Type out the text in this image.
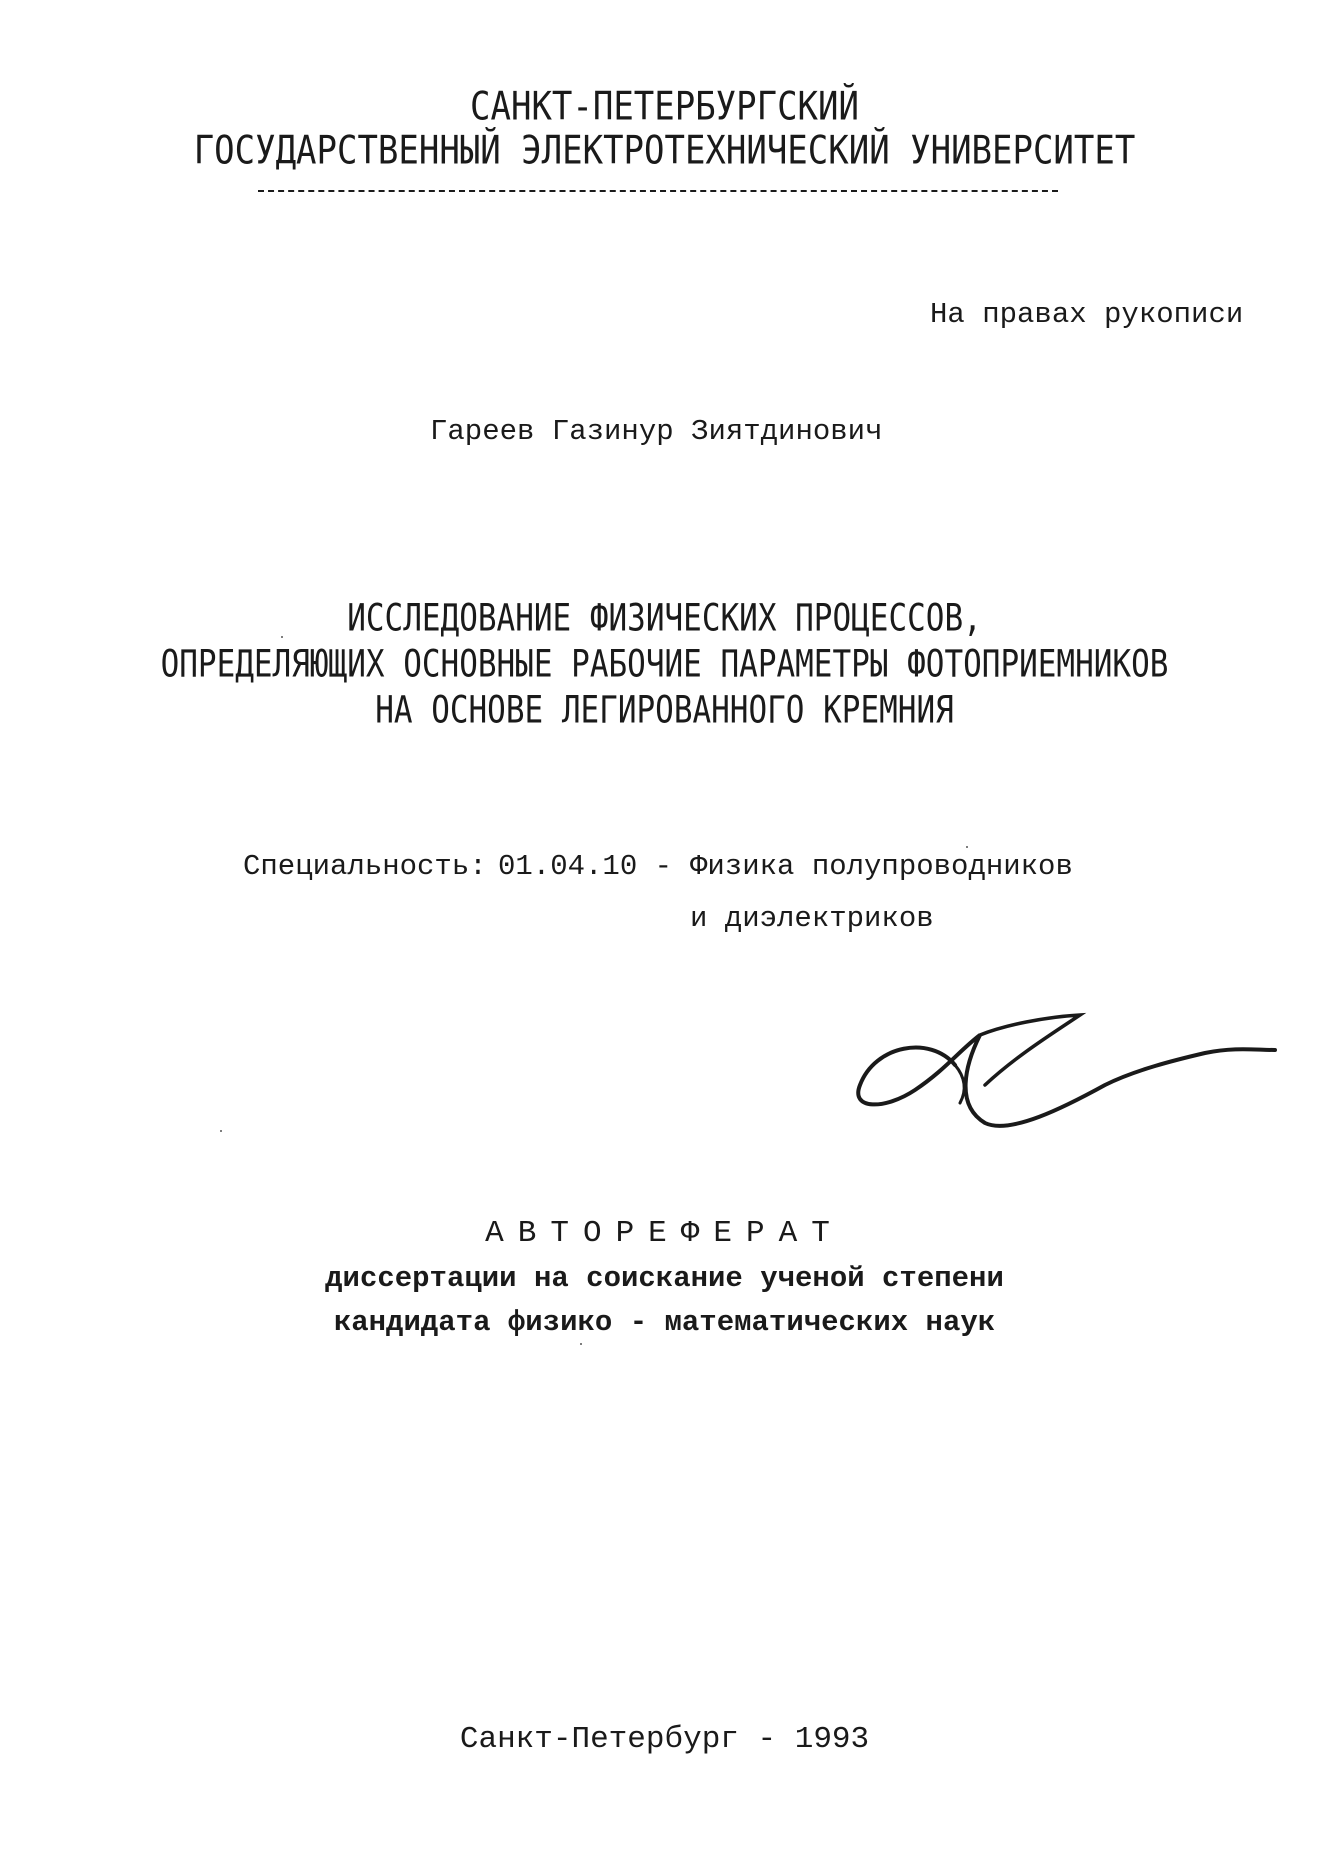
САНКТ-ПЕТЕРБУРГСКИЙ
ГОСУДАРСТВЕННЫЙ ЭЛЕКТРОТЕХНИЧЕСКИЙ УНИВЕРСИТЕТ
На правах рукописи
Гареев Газинур Зиятдинович
ИССЛЕДОВАНИЕ ФИЗИЧЕСКИХ ПРОЦЕССОВ,
ОПРЕДЕЛЯЮЩИХ ОСНОВНЫЕ РАБОЧИЕ ПАРАМЕТРЫ ФОТОПРИЕМНИКОВ
НА ОСНОВЕ ЛЕГИРОВАННОГО КРЕМНИЯ
Специальность: 01.04.10 - Физика полупроводников
и диэлектриков
АВТОРЕФЕРАТ
диссертации на соискание ученой степени
кандидата физико - математических наук
Санкт-Петербург - 1993
